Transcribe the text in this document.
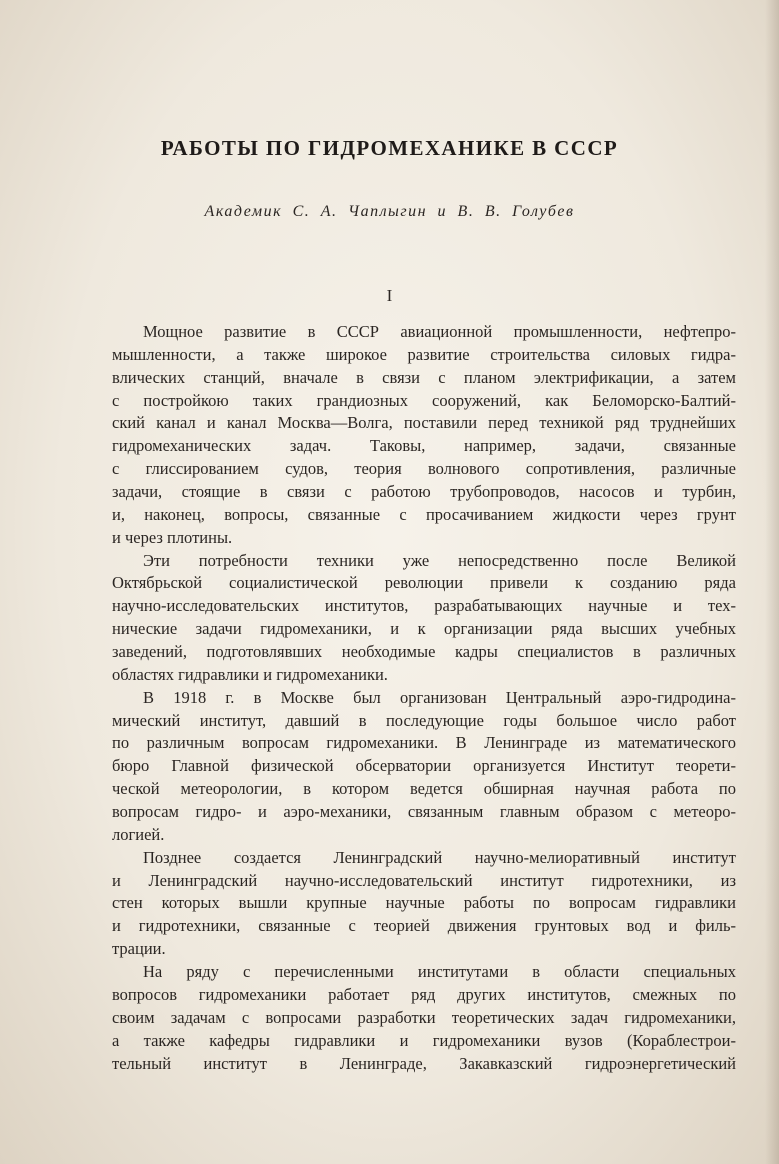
РАБОТЫ ПО ГИДРОМЕХАНИКЕ В СССР
Академик С. А. Чаплыгин и В. В. Голубев
I
Мощное развитие в СССР авиационной промышленности, нефтепро-
мышленности, а также широкое развитие строительства силовых гидра-
влических станций, вначале в связи с планом электрификации, а затем
с постройкою таких грандиозных сооружений, как Беломорско-Балтий-
ский канал и канал Москва—Волга, поставили перед техникой ряд труднейших
гидромеханических задач. Таковы, например, задачи, связанные
с глиссированием судов, теория волнового сопротивления, различные
задачи, стоящие в связи с работою трубопроводов, насосов и турбин,
и, наконец, вопросы, связанные с просачиванием жидкости через грунт
и через плотины.
Эти потребности техники уже непосредственно после Великой
Октябрьской социалистической революции привели к созданию ряда
научно-исследовательских институтов, разрабатывающих научные и тех-
нические задачи гидромеханики, и к организации ряда высших учебных
заведений, подготовлявших необходимые кадры специалистов в различных
областях гидравлики и гидромеханики.
В 1918 г. в Москве был организован Центральный аэро-гидродина-
мический институт, давший в последующие годы большое число работ
по различным вопросам гидромеханики. В Ленинграде из математического
бюро Главной физической обсерватории организуется Институт теорети-
ческой метеорологии, в котором ведется обширная научная работа по
вопросам гидро- и аэро-механики, связанным главным образом с метеоро-
логией.
Позднее создается Ленинградский научно-мелиоративный институт
и Ленинградский научно-исследовательский институт гидротехники, из
стен которых вышли крупные научные работы по вопросам гидравлики
и гидротехники, связанные с теорией движения грунтовых вод и филь-
трации.
На ряду с перечисленными институтами в области специальных
вопросов гидромеханики работает ряд других институтов, смежных по
своим задачам с вопросами разработки теоретических задач гидромеханики,
а также кафедры гидравлики и гидромеханики вузов (Кораблестрои-
тельный институт в Ленинграде, Закавказский гидроэнергетический
